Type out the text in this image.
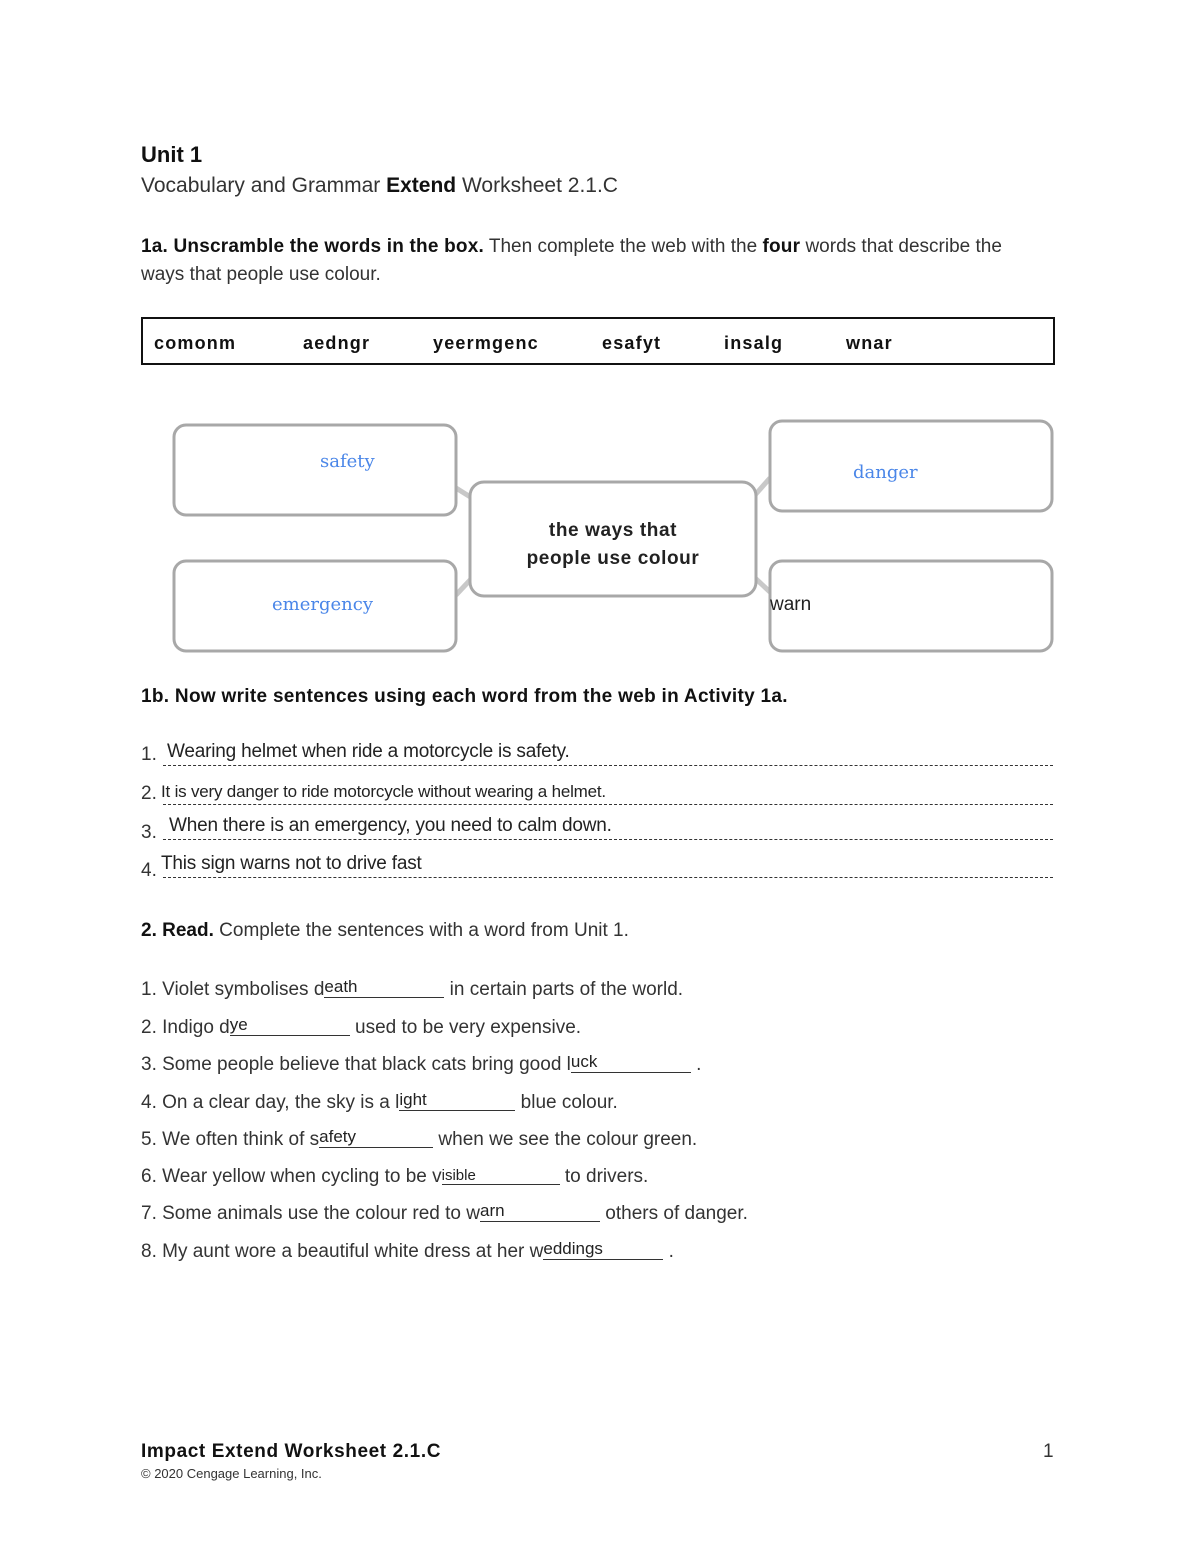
Unit 1
Vocabulary and Grammar Extend Worksheet 2.1.C
1a. Unscramble the words in the box. Then complete the web with the four words that describe the ways that people use colour.
comonm	aedngr	yeermgenc	esafyt	insalg	wnar
safety
danger
emergency	warn
the ways that
people use colour
1b. Now write sentences using each word from the web in Activity 1a.
1. Wearing helmet when ride a motorcycle is safety.
2. It is very danger to ride motorcycle without wearing a helmet.
3. When there is an emergency, you need to calm down.
4. This sign warns not to drive fast
2. Read. Complete the sentences with a word from Unit 1.
1. Violet symbolises d eath	in certain parts of the world.
2. Indigo d ye	used to be very expensive.
3. Some people believe that black cats bring good l uck	.
4. On a clear day, the sky is a l ight	blue colour.
5. We often think of s afety	when we see the colour green.
6. Wear yellow when cycling to be v isible	to drivers.
7. Some animals use the colour red to w arn	others of danger.
8. My aunt wore a beautiful white dress at her w eddings	.
Impact Extend Worksheet 2.1.C
© 2020 Cengage Learning, Inc.
1
